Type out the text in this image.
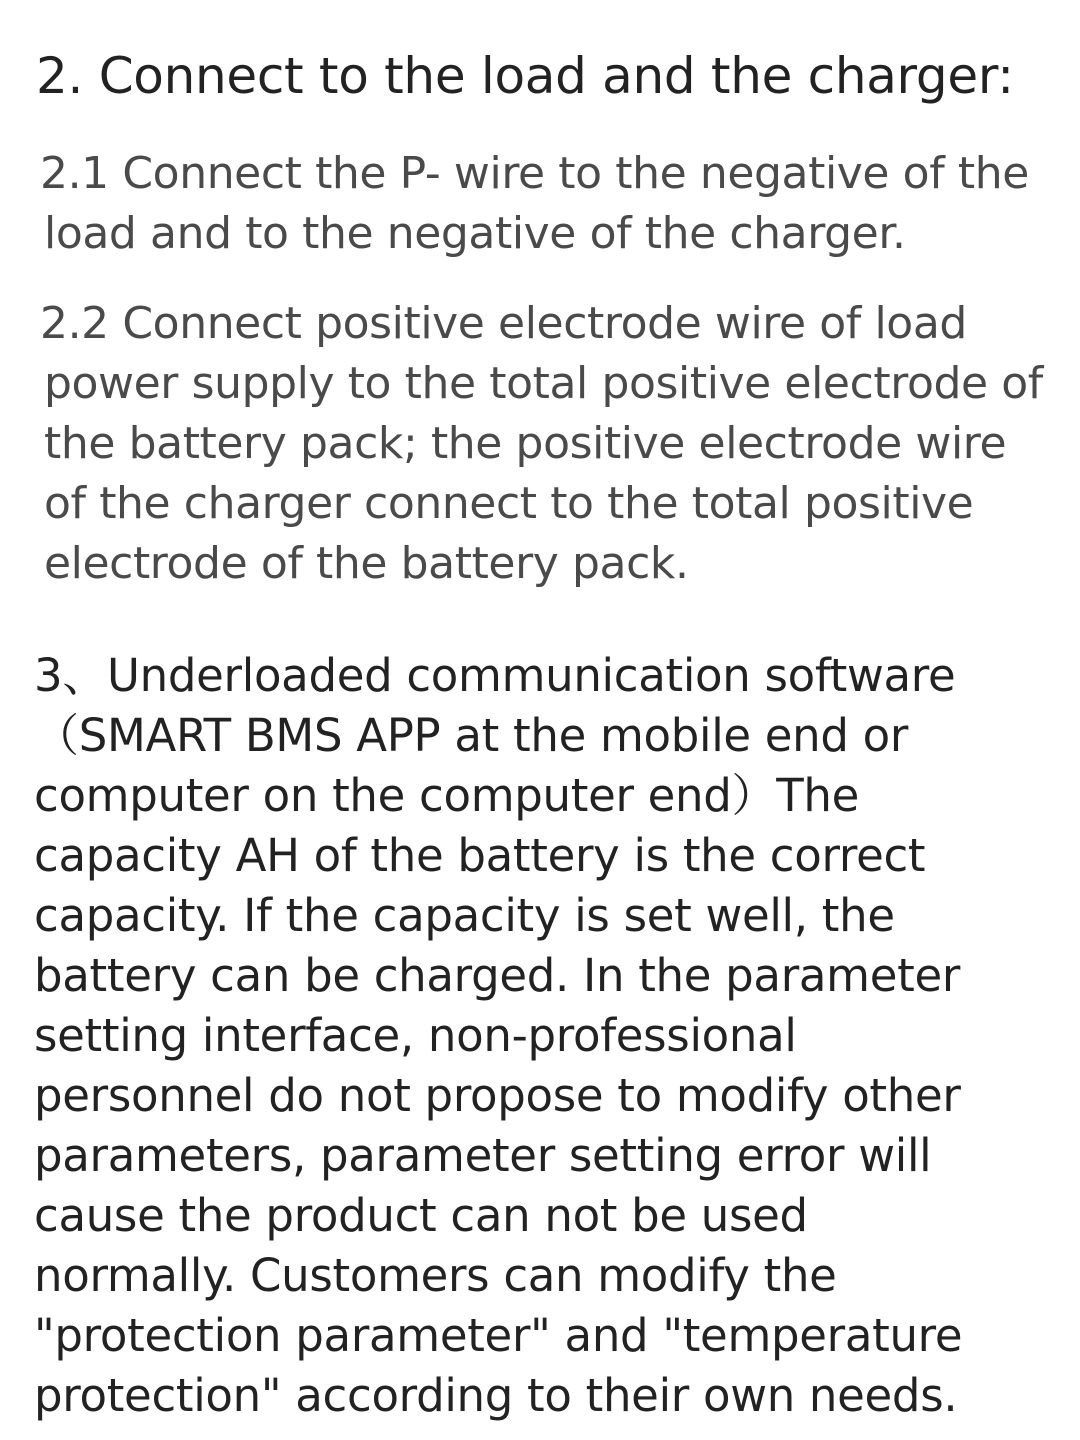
2. Connect to the load and the charger:

2.1 Connect the P- wire to the negative of the
load and to the negative of the charger.

2.2 Connect positive electrode wire of load
power supply to the total positive electrode of
the battery pack; the positive electrode wire
of the charger connect to the total positive
electrode of the battery pack.

3、Underloaded communication software
（SMART BMS APP at the mobile end or
computer on the computer end）The
capacity AH of the battery is the correct
capacity. If the capacity is set well, the
battery can be charged. In the parameter
setting interface, non-professional
personnel do not propose to modify other
parameters, parameter setting error will
cause the product can not be used
normally. Customers can modify the
"protection parameter" and "temperature
protection" according to their own needs.
